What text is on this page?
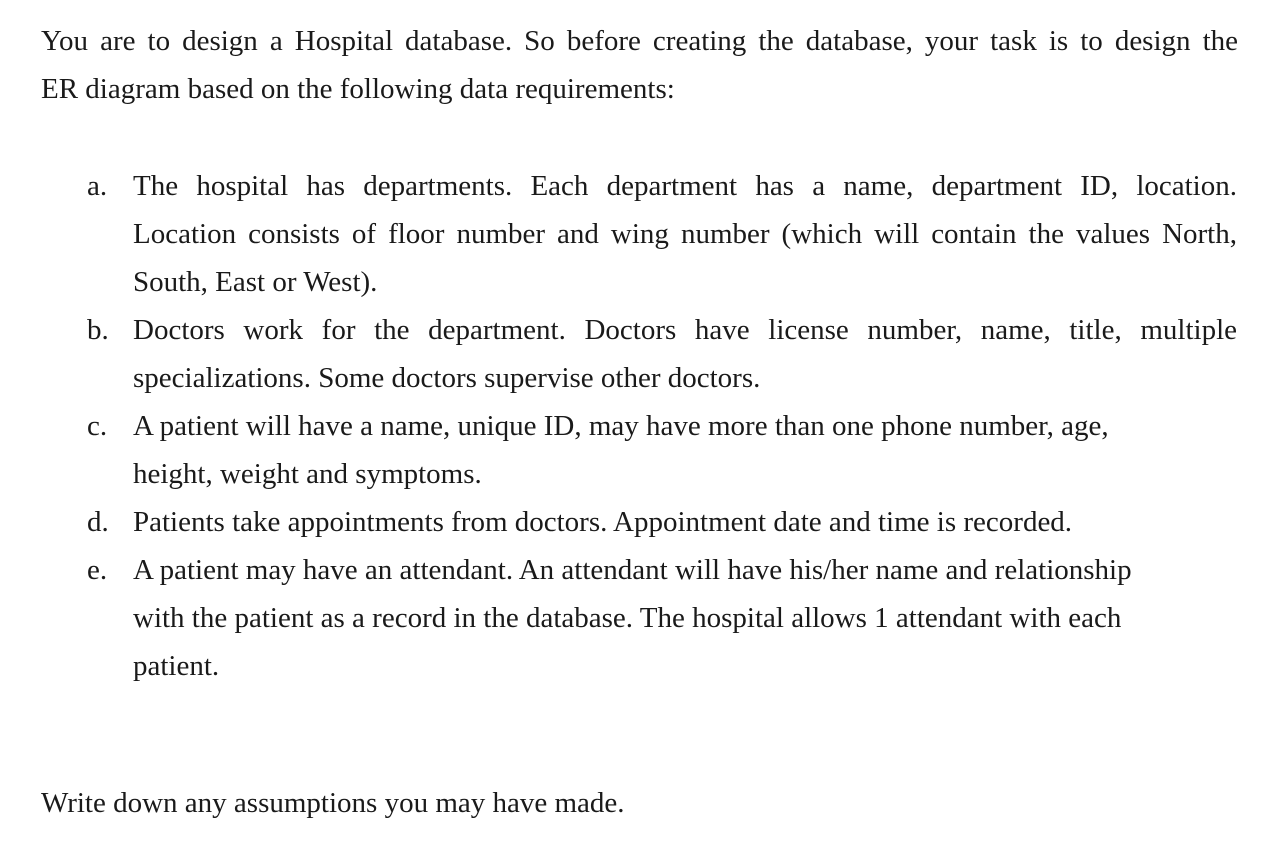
You are to design a Hospital database. So before creating the database, your task is to design the
ER diagram based on the following data requirements:

a. The hospital has departments. Each department has a name, department ID, location.
Location consists of floor number and wing number (which will contain the values North,
South, East or West).
b. Doctors work for the department. Doctors have license number, name, title, multiple
specializations. Some doctors supervise other doctors.
c. A patient will have a name, unique ID, may have more than one phone number, age,
height, weight and symptoms.
d. Patients take appointments from doctors. Appointment date and time is recorded.
e. A patient may have an attendant. An attendant will have his/her name and relationship
with the patient as a record in the database. The hospital allows 1 attendant with each
patient.

Write down any assumptions you may have made.
